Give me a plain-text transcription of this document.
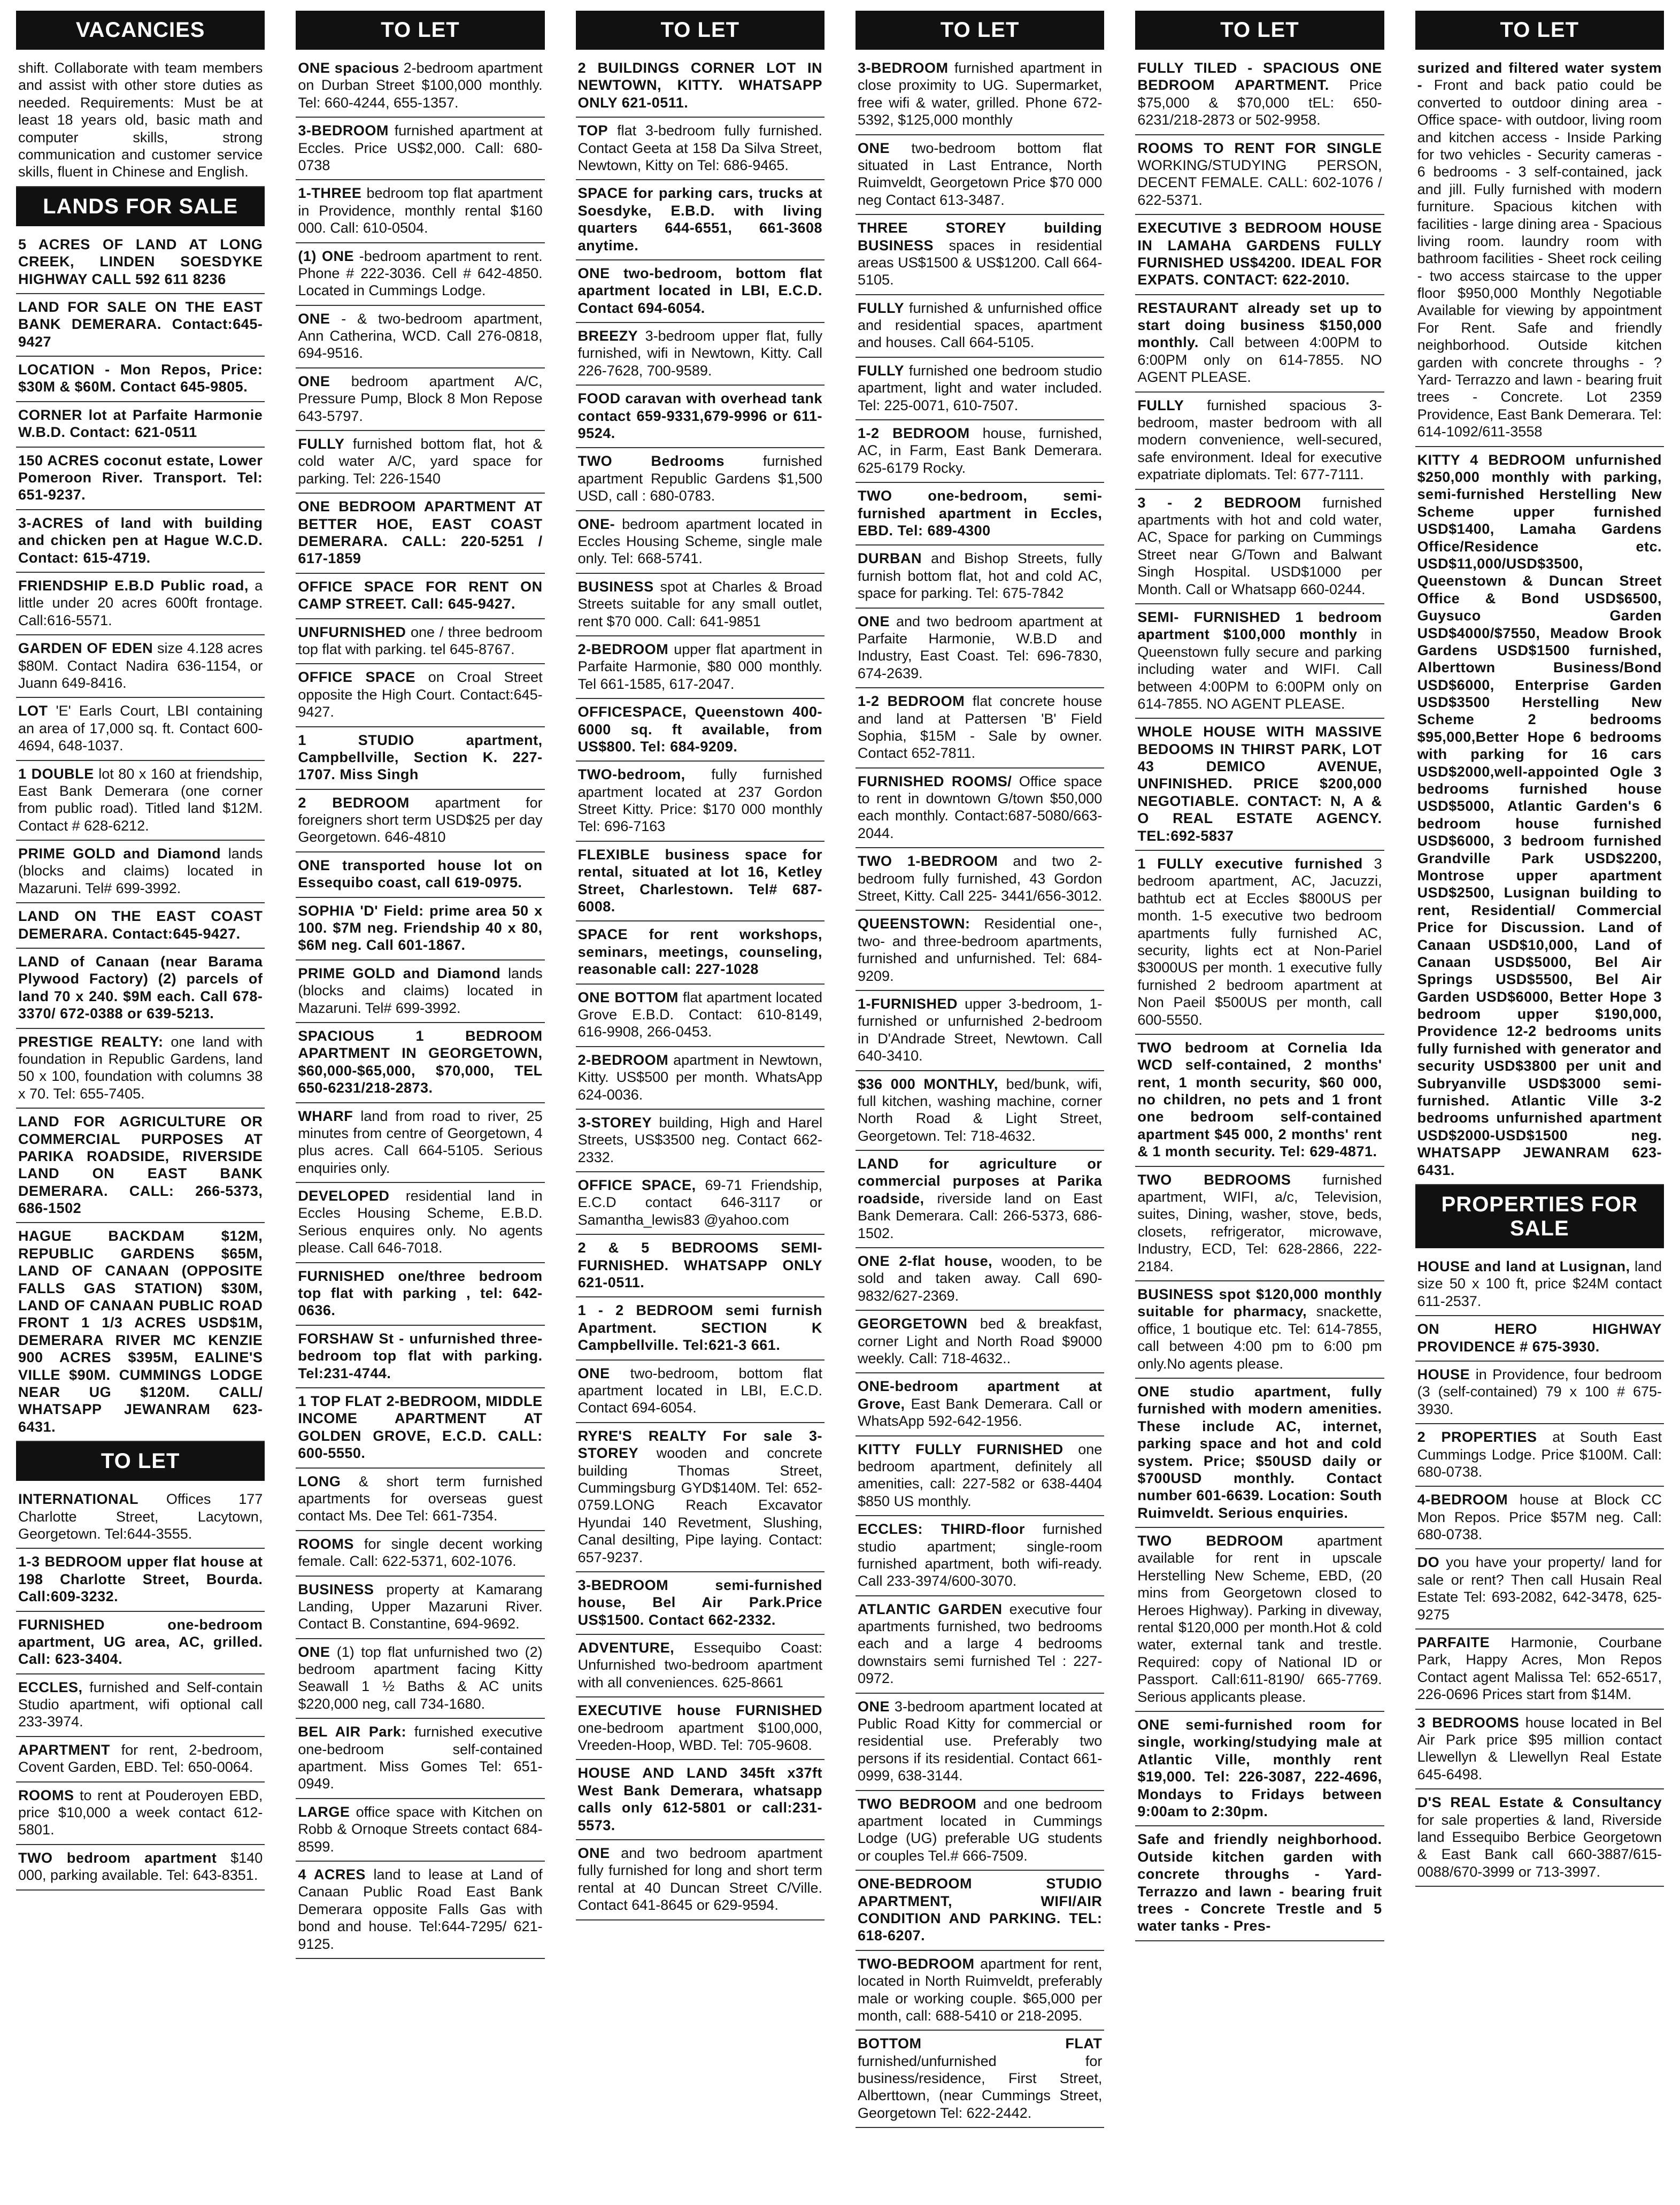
VACANCIES
shift. Collaborate with team members and assist with other store duties as needed. Requirements: Must be at least 18 years old, basic math and computer skills, strong communication and customer service skills, fluent in Chinese and English.
LANDS FOR SALE
5 ACRES OF LAND AT LONG CREEK, LINDEN SOESDYKE HIGHWAY CALL 592 611 8236
LAND FOR SALE ON THE EAST BANK DEMERARA. Contact:645-9427
LOCATION - Mon Repos, Price: $30M & $60M. Contact 645-9805.
CORNER lot at Parfaite Harmonie W.B.D. Contact: 621-0511
150 ACRES coconut estate, Lower Pomeroon River. Transport. Tel: 651-9237.
3-ACRES of land with building and chicken pen at Hague W.C.D. Contact: 615-4719.
FRIENDSHIP E.B.D Public road, a little under 20 acres 600ft frontage. Call:616-5571.
GARDEN OF EDEN size 4.128 acres $80M. Contact Nadira 636-1154, or Juann 649-8416.
LOT 'E' Earls Court, LBI containing an area of 17,000 sq. ft. Contact 600-4694, 648-1037.
1 DOUBLE lot 80 x 160 at friendship, East Bank Demerara (one corner from public road). Titled land $12M. Contact # 628-6212.
PRIME GOLD and Diamond lands (blocks and claims) located in Mazaruni. Tel# 699-3992.
LAND ON THE EAST COAST DEMERARA. Contact:645-9427.
LAND of Canaan (near Barama Plywood Factory) (2) parcels of land 70 x 240. $9M each. Call 678-3370/ 672-0388 or 639-5213.
PRESTIGE REALTY: one land with foundation in Republic Gardens, land 50 x 100, foundation with columns 38 x 70. Tel: 655-7405.
LAND FOR AGRICULTURE OR COMMERCIAL PURPOSES AT PARIKA ROADSIDE, RIVERSIDE LAND ON EAST BANK DEMERARA. CALL: 266-5373, 686-1502
HAGUE BACKDAM $12M, REPUBLIC GARDENS $65M, LAND OF CANAAN (OPPOSITE FALLS GAS STATION) $30M, LAND OF CANAAN PUBLIC ROAD FRONT 1 1/3 ACRES USD$1M, DEMERARA RIVER MC KENZIE 900 ACRES $395M, EALINE'S VILLE $90M. CUMMINGS LODGE NEAR UG $120M. CALL/ WHATSAPP JEWANRAM 623-6431.
TO LET
INTERNATIONAL Offices 177 Charlotte Street, Lacytown, Georgetown. Tel:644-3555.
1-3 BEDROOM upper flat house at 198 Charlotte Street, Bourda. Call:609-3232.
FURNISHED one-bedroom apartment, UG area, AC, grilled. Call: 623-3404.
ECCLES, furnished and Self-contain Studio apartment, wifi optional call 233-3974.
APARTMENT for rent, 2-bedroom, Covent Garden, EBD. Tel: 650-0064.
ROOMS to rent at Pouderoyen EBD, price $10,000 a week contact 612-5801.
TWO bedroom apartment $140 000, parking available. Tel: 643-8351.
TO LET
ONE spacious 2-bedroom apartment on Durban Street $100,000 monthly. Tel: 660-4244, 655-1357.
3-BEDROOM furnished apartment at Eccles. Price US$2,000. Call: 680-0738
1-THREE bedroom top flat apartment in Providence, monthly rental $160 000. Call: 610-0504.
(1) ONE -bedroom apartment to rent. Phone # 222-3036. Cell # 642-4850. Located in Cummings Lodge.
ONE - & two-bedroom apartment, Ann Catherina, WCD. Call 276-0818, 694-9516.
ONE bedroom apartment A/C, Pressure Pump, Block 8 Mon Repose 643-5797.
FULLY furnished bottom flat, hot & cold water A/C, yard space for parking. Tel: 226-1540
ONE BEDROOM APARTMENT AT BETTER HOE, EAST COAST DEMERARA. CALL: 220-5251 / 617-1859
OFFICE SPACE FOR RENT ON CAMP STREET. Call: 645-9427.
UNFURNISHED one / three bedroom top flat with parking. tel 645-8767.
OFFICE SPACE on Croal Street opposite the High Court. Contact:645-9427.
1 STUDIO apartment, Campbellville, Section K. 227-1707. Miss Singh
2 BEDROOM apartment for foreigners short term USD$25 per day Georgetown. 646-4810
ONE transported house lot on Essequibo coast, call 619-0975.
SOPHIA 'D' Field: prime area 50 x 100. $7M neg. Friendship 40 x 80, $6M neg. Call 601-1867.
PRIME GOLD and Diamond lands (blocks and claims) located in Mazaruni. Tel# 699-3992.
SPACIOUS 1 BEDROOM APARTMENT IN GEORGETOWN, $60,000-$65,000, $70,000, TEL 650-6231/218-2873.
WHARF land from road to river, 25 minutes from centre of Georgetown, 4 plus acres. Call 664-5105. Serious enquiries only.
DEVELOPED residential land in Eccles Housing Scheme, E.B.D. Serious enquires only. No agents please. Call 646-7018.
FURNISHED one/three bedroom top flat with parking , tel: 642-0636.
FORSHAW St - unfurnished three-bedroom top flat with parking. Tel:231-4744.
1 TOP FLAT 2-BEDROOM, MIDDLE INCOME APARTMENT AT GOLDEN GROVE, E.C.D. CALL: 600-5550.
LONG & short term furnished apartments for overseas guest contact Ms. Dee Tel: 661-7354.
ROOMS for single decent working female. Call: 622-5371, 602-1076.
BUSINESS property at Kamarang Landing, Upper Mazaruni River. Contact B. Constantine, 694-9692.
ONE (1) top flat unfurnished two (2) bedroom apartment facing Kitty Seawall 1 ½ Baths & AC units $220,000 neg, call 734-1680.
BEL AIR Park: furnished executive one-bedroom self-contained apartment. Miss Gomes Tel: 651-0949.
LARGE office space with Kitchen on Robb & Ornoque Streets contact 684-8599.
4 ACRES land to lease at Land of Canaan Public Road East Bank Demerara opposite Falls Gas with bond and house. Tel:644-7295/ 621-9125.
TO LET
2 BUILDINGS CORNER LOT IN NEWTOWN, KITTY. WHATSAPP ONLY 621-0511.
TOP flat 3-bedroom fully furnished. Contact Geeta at 158 Da Silva Street, Newtown, Kitty on Tel: 686-9465.
SPACE for parking cars, trucks at Soesdyke, E.B.D. with living quarters 644-6551, 661-3608 anytime.
ONE two-bedroom, bottom flat apartment located in LBI, E.C.D. Contact 694-6054.
BREEZY 3-bedroom upper flat, fully furnished, wifi in Newtown, Kitty. Call 226-7628, 700-9589.
FOOD caravan with overhead tank contact 659-9331,679-9996 or 611-9524.
TWO Bedrooms	furnished apartment Republic Gardens $1,500 USD, call : 680-0783.
ONE- bedroom apartment located in Eccles Housing Scheme, single male only. Tel: 668-5741.
BUSINESS spot at Charles & Broad Streets suitable for any small outlet, rent $70 000. Call: 641-9851
2-BEDROOM upper flat apartment in Parfaite Harmonie, $80 000 monthly. Tel 661-1585, 617-2047.
OFFICESPACE, Queenstown 400-6000 sq. ft available, from US$800. Tel: 684-9209.
TWO-bedroom, fully furnished apartment located at 237 Gordon Street Kitty. Price: $170 000 monthly Tel: 696-7163
FLEXIBLE business space for rental, situated at lot 16, Ketley Street, Charlestown. Tel# 687-6008.
SPACE for rent workshops, seminars, meetings, counseling, reasonable call: 227-1028
ONE BOTTOM flat apartment located Grove E.B.D. Contact: 610-8149, 616-9908, 266-0453.
2-BEDROOM apartment in Newtown, Kitty. US$500 per month. WhatsApp 624-0036.
3-STOREY building, High and Harel Streets, US$3500 neg. Contact 662-2332.
OFFICE SPACE, 69-71 Friendship, E.C.D contact 646-3117 or Samantha_lewis83 @yahoo.com
2 & 5 BEDROOMS SEMI-FURNISHED. WHATSAPP ONLY 621-0511.
1 - 2 BEDROOM semi furnish Apartment. SECTION K Campbellville. Tel:621-3 661.
ONE two-bedroom, bottom flat apartment located in LBI, E.C.D. Contact 694-6054.
RYRE'S REALTY For sale 3-STOREY wooden and concrete building Thomas Street, Cummingsburg GYD$140M. Tel: 652-0759.LONG Reach Excavator Hyundai 140 Revetment, Slushing, Canal desilting, Pipe laying. Contact: 657-9237.
3-BEDROOM semi-furnished house, Bel Air Park.Price US$1500. Contact 662-2332.
ADVENTURE, Essequibo Coast: Unfurnished two-bedroom apartment with all conveniences. 625-8661
EXECUTIVE house FURNISHED one-bedroom apartment $100,000, Vreeden-Hoop, WBD. Tel: 705-9608.
HOUSE AND LAND 345ft x37ft West Bank Demerara, whatsapp calls only 612-5801 or call:231-5573.
ONE and two bedroom apartment fully furnished for long and short term rental at 40 Duncan Street C/Ville. Contact 641-8645 or 629-9594.
TO LET
3-BEDROOM furnished apartment in close proximity to UG. Supermarket, free wifi & water, grilled. Phone 672-5392, $125,000 monthly
ONE two-bedroom bottom flat situated in Last Entrance, North Ruimveldt, Georgetown Price $70 000 neg Contact 613-3487.
THREE STOREY building BUSINESS spaces in residential areas US$1500 & US$1200. Call 664-5105.
FULLY furnished & unfurnished office and residential spaces, apartment and houses. Call 664-5105.
FULLY furnished one bedroom studio apartment, light and water included. Tel: 225-0071, 610-7507.
1-2 BEDROOM house, furnished, AC, in Farm, East Bank Demerara. 625-6179 Rocky.
TWO one-bedroom, semi-furnished apartment in Eccles, EBD. Tel: 689-4300
DURBAN and Bishop Streets, fully furnish bottom flat, hot and cold AC, space for parking. Tel: 675-7842
ONE and two bedroom apartment at Parfaite Harmonie, W.B.D and Industry, East Coast. Tel: 696-7830, 674-2639.
1-2 BEDROOM flat concrete house and land at Pattersen 'B' Field Sophia, $15M - Sale by owner. Contact 652-7811.
FURNISHED ROOMS/ Office space to rent in downtown G/town $50,000 each monthly. Contact:687-5080/663-2044.
TWO 1-BEDROOM and two 2-bedroom fully furnished, 43 Gordon Street, Kitty. Call 225- 3441/656-3012.
QUEENSTOWN: Residential one-, two- and three-bedroom apartments, furnished and unfurnished. Tel: 684-9209.
1-FURNISHED upper 3-bedroom, 1-furnished or unfurnished 2-bedroom in D'Andrade Street, Newtown. Call 640-3410.
$36 000 MONTHLY, bed/bunk, wifi, full kitchen, washing machine, corner North Road & Light Street, Georgetown. Tel: 718-4632.
LAND for agriculture or commercial purposes at Parika roadside, riverside land on East Bank Demerara. Call: 266-5373, 686-1502.
ONE 2-flat house, wooden, to be sold and taken away. Call 690-9832/627-2369.
GEORGETOWN bed & breakfast, corner Light and North Road $9000 weekly. Call: 718-4632..
ONE-bedroom apartment at Grove, East Bank Demerara. Call or WhatsApp 592-642-1956.
KITTY FULLY FURNISHED one bedroom apartment, definitely all amenities, call: 227-582 or 638-4404 $850 US monthly.
ECCLES: THIRD-floor furnished studio apartment; single-room furnished apartment, both wifi-ready. Call 233-3974/600-3070.
ATLANTIC GARDEN executive four apartments furnished, two bedrooms each and a large 4 bedrooms downstairs semi furnished Tel : 227-0972.
ONE 3-bedroom apartment located at Public Road Kitty for commercial or residential use. Preferably two persons if its residential. Contact 661-0999, 638-3144.
TWO BEDROOM and one bedroom apartment located in Cummings Lodge (UG) preferable UG students or couples Tel.# 666-7509.
ONE-BEDROOM STUDIO APARTMENT, WIFI/AIR CONDITION AND PARKING. TEL: 618-6207.
TWO-BEDROOM apartment for rent, located in North Ruimveldt, preferably male or working couple. $65,000 per month, call: 688-5410 or 218-2095.
BOTTOM FLAT furnished/unfurnished for business/residence, First Street, Alberttown, (near Cummings Street, Georgetown Tel: 622-2442.
TO LET
FULLY TILED - SPACIOUS ONE BEDROOM APARTMENT. Price $75,000 & $70,000 tEL: 650-6231/218-2873 or 502-9958.
ROOMS TO RENT FOR SINGLE WORKING/STUDYING PERSON, DECENT FEMALE. CALL: 602-1076 / 622-5371.
EXECUTIVE 3 BEDROOM HOUSE IN LAMAHA GARDENS FULLY FURNISHED US$4200. IDEAL FOR EXPATS. CONTACT: 622-2010.
RESTAURANT already set up to start doing business $150,000 monthly. Call between 4:00PM to 6:00PM only on 614-7855. NO AGENT PLEASE.
FULLY furnished spacious 3-bedroom, master bedroom with all modern convenience, well-secured, safe environment. Ideal for executive expatriate diplomats. Tel: 677-7111.
3 - 2 BEDROOM furnished apartments with hot and cold water, AC, Space for parking on Cummings Street near G/Town and Balwant Singh Hospital. USD$1000 per Month. Call or Whatsapp 660-0244.
SEMI- FURNISHED 1 bedroom apartment $100,000 monthly in Queenstown fully secure and parking including water and WIFI. Call between 4:00PM to 6:00PM only on 614-7855. NO AGENT PLEASE.
WHOLE HOUSE WITH MASSIVE BEDOOMS IN THIRST PARK, LOT 43 DEMICO AVENUE, UNFINISHED. PRICE $200,000 NEGOTIABLE. CONTACT: N, A & O REAL ESTATE AGENCY. TEL:692-5837
1 FULLY executive furnished 3 bedroom apartment, AC, Jacuzzi, bathtub ect at Eccles $800US per month. 1-5 executive two bedroom apartments fully furnished AC, security, lights ect at Non-Pariel $3000US per month. 1 executive fully furnished 2 bedroom apartment at Non Paeil $500US per month, call 600-5550.
TWO bedroom at Cornelia Ida WCD self-contained, 2 months' rent, 1 month security, $60 000, no children, no pets and 1 front one bedroom self-contained apartment $45 000, 2 months' rent & 1 month security. Tel: 629-4871.
TWO BEDROOMS furnished apartment, WIFI, a/c, Television, suites, Dining, washer, stove, beds, closets, refrigerator, microwave, Industry, ECD, Tel: 628-2866, 222-2184.
BUSINESS spot $120,000 monthly suitable for pharmacy, snackette, office, 1 boutique etc. Tel: 614-7855, call between 4:00 pm to 6:00 pm only.No agents please.
ONE studio apartment, fully furnished with modern amenities. These include AC, internet, parking space and hot and cold system. Price; $50USD daily or $700USD monthly. Contact number 601-6639. Location: South Ruimveldt. Serious enquiries.
TWO BEDROOM apartment available for rent in upscale Herstelling New Scheme, EBD, (20 mins from Georgetown closed to Heroes Highway). Parking in diveway, rental $120,000 per month.Hot & cold water, external tank and trestle. Required: copy of National ID or Passport. Call:611-8190/ 665-7769. Serious applicants please.
ONE semi-furnished room for single, working/studying male at Atlantic Ville, monthly rent $19,000. Tel: 226-3087, 222-4696, Mondays to Fridays between 9:00am to 2:30pm.
Safe and friendly neighborhood. Outside kitchen garden with concrete throughs - Yard- Terrazzo and lawn - bearing fruit trees - Concrete Trestle and 5 water tanks - Pres-
TO LET
surized and filtered water system - Front and back patio could be converted to outdoor dining area - Office space- with outdoor, living room and kitchen access - Inside Parking for two vehicles - Security cameras - 6 bedrooms - 3 self-contained, jack and jill. Fully furnished with modern furniture. Spacious kitchen with facilities - large dining area - Spacious living room. laundry room with bathroom facilities - Sheet rock ceiling - two access staircase to the upper floor $950,000 Monthly Negotiable Available for viewing by appointment For Rent. Safe and friendly neighborhood. Outside kitchen garden with concrete throughs - ?Yard- Terrazzo and lawn - bearing fruit trees - Concrete. Lot 2359 Providence, East Bank Demerara. Tel: 614-1092/611-3558
KITTY 4 BEDROOM unfurnished $250,000 monthly with parking, semi-furnished Herstelling New Scheme upper furnished USD$1400, Lamaha Gardens Office/Residence etc. USD$11,000/USD$3500, Queenstown & Duncan Street Office & Bond USD$6500, Guysuco Garden USD$4000/$7550, Meadow Brook Gardens USD$1500 furnished, Alberttown Business/Bond USD$6000, Enterprise Garden USD$3500 Herstelling New Scheme 2 bedrooms $95,000,Better Hope 6 bedrooms with parking for 16 cars USD$2000,well-appointed Ogle 3 bedrooms furnished house USD$5000, Atlantic Garden's 6 bedroom house furnished USD$6000, 3 bedroom furnished Grandville Park USD$2200, Montrose upper apartment USD$2500, Lusignan building to rent, Residential/ Commercial Price for Discussion. Land of Canaan USD$10,000, Land of Canaan USD$5000, Bel Air Springs USD$5500, Bel Air Garden USD$6000, Better Hope 3 bedroom upper $190,000, Providence 12-2 bedrooms units fully furnished with generator and security USD$3800 per unit and Subryanville USD$3000 semi-furnished. Atlantic Ville 3-2 bedrooms unfurnished apartment USD$2000-USD$1500 neg. WHATSAPP JEWANRAM 623-6431.
PROPERTIES FOR SALE
HOUSE and land at Lusignan, land size 50 x 100 ft, price $24M contact 611-2537.
ON HERO HIGHWAY PROVIDENCE # 675-3930.
HOUSE in Providence, four bedroom (3 (self-contained) 79 x 100 # 675-3930.
2 PROPERTIES at South East Cummings Lodge. Price $100M. Call: 680-0738.
4-BEDROOM house at Block CC Mon Repos. Price $57M neg. Call: 680-0738.
DO you have your property/ land for sale or rent? Then call Husain Real Estate Tel: 693-2082, 642-3478, 625-9275
PARFAITE Harmonie, Courbane Park, Happy Acres, Mon Repos Contact agent Malissa Tel: 652-6517, 226-0696 Prices start from $14M.
3 BEDROOMS house located in Bel Air Park price $95 million contact Llewellyn & Llewellyn Real Estate 645-6498.
D'S REAL Estate & Consultancy for sale properties & land, Riverside land Essequibo Berbice Georgetown & East Bank call 660-3887/615-0088/670-3999 or 713-3997.
